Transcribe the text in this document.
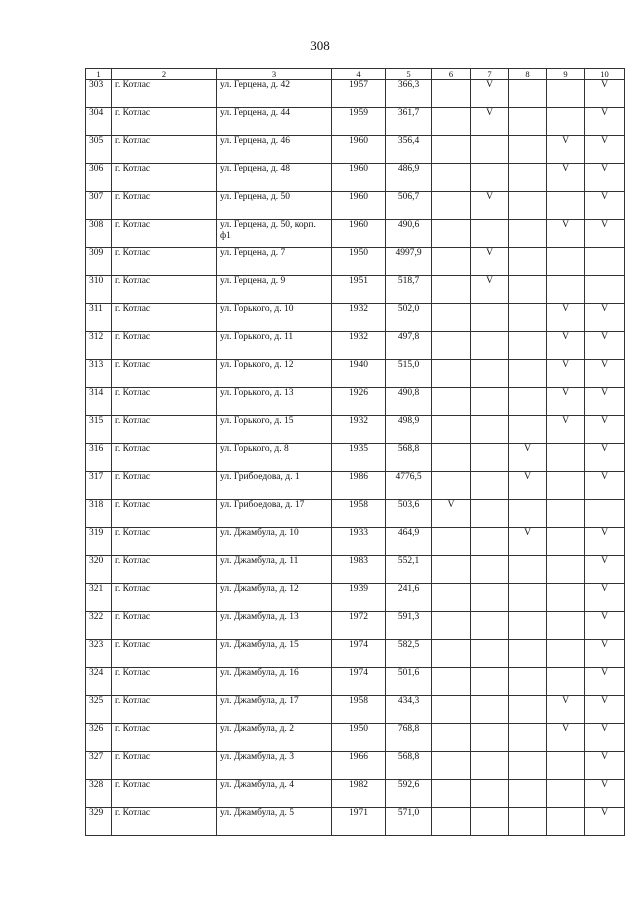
308
1	2	3	4	5	6	7	8	9	10
303	г. Котлас	ул. Герцена, д. 42	1957	366,3		V			V
304	г. Котлас	ул. Герцена, д. 44	1959	361,7		V			V
305	г. Котлас	ул. Герцена, д. 46	1960	356,4				V	V
306	г. Котлас	ул. Герцена, д. 48	1960	486,9				V	V
307	г. Котлас	ул. Герцена, д. 50	1960	506,7		V			V
308	г. Котлас	ул. Герцена, д. 50, корп. ф1	1960	490,6				V	V
309	г. Котлас	ул. Герцена, д. 7	1950	4997,9		V			
310	г. Котлас	ул. Герцена, д. 9	1951	518,7		V			
311	г. Котлас	ул. Горького, д. 10	1932	502,0				V	V
312	г. Котлас	ул. Горького, д. 11	1932	497,8				V	V
313	г. Котлас	ул. Горького, д. 12	1940	515,0				V	V
314	г. Котлас	ул. Горького, д. 13	1926	490,8				V	V
315	г. Котлас	ул. Горького, д. 15	1932	498,9				V	V
316	г. Котлас	ул. Горького, д. 8	1935	568,8			V		V
317	г. Котлас	ул. Грибоедова, д. 1	1986	4776,5			V		V
318	г. Котлас	ул. Грибоедова, д. 17	1958	503,6	V				
319	г. Котлас	ул. Джамбула, д. 10	1933	464,9			V		V
320	г. Котлас	ул. Джамбула, д. 11	1983	552,1					V
321	г. Котлас	ул. Джамбула, д. 12	1939	241,6					V
322	г. Котлас	ул. Джамбула, д. 13	1972	591,3					V
323	г. Котлас	ул. Джамбула, д. 15	1974	582,5					V
324	г. Котлас	ул. Джамбула, д. 16	1974	501,6					V
325	г. Котлас	ул. Джамбула, д. 17	1958	434,3				V	V
326	г. Котлас	ул. Джамбула, д. 2	1950	768,8				V	V
327	г. Котлас	ул. Джамбула, д. 3	1966	568,8					V
328	г. Котлас	ул. Джамбула, д. 4	1982	592,6					V
329	г. Котлас	ул. Джамбула, д. 5	1971	571,0					V
